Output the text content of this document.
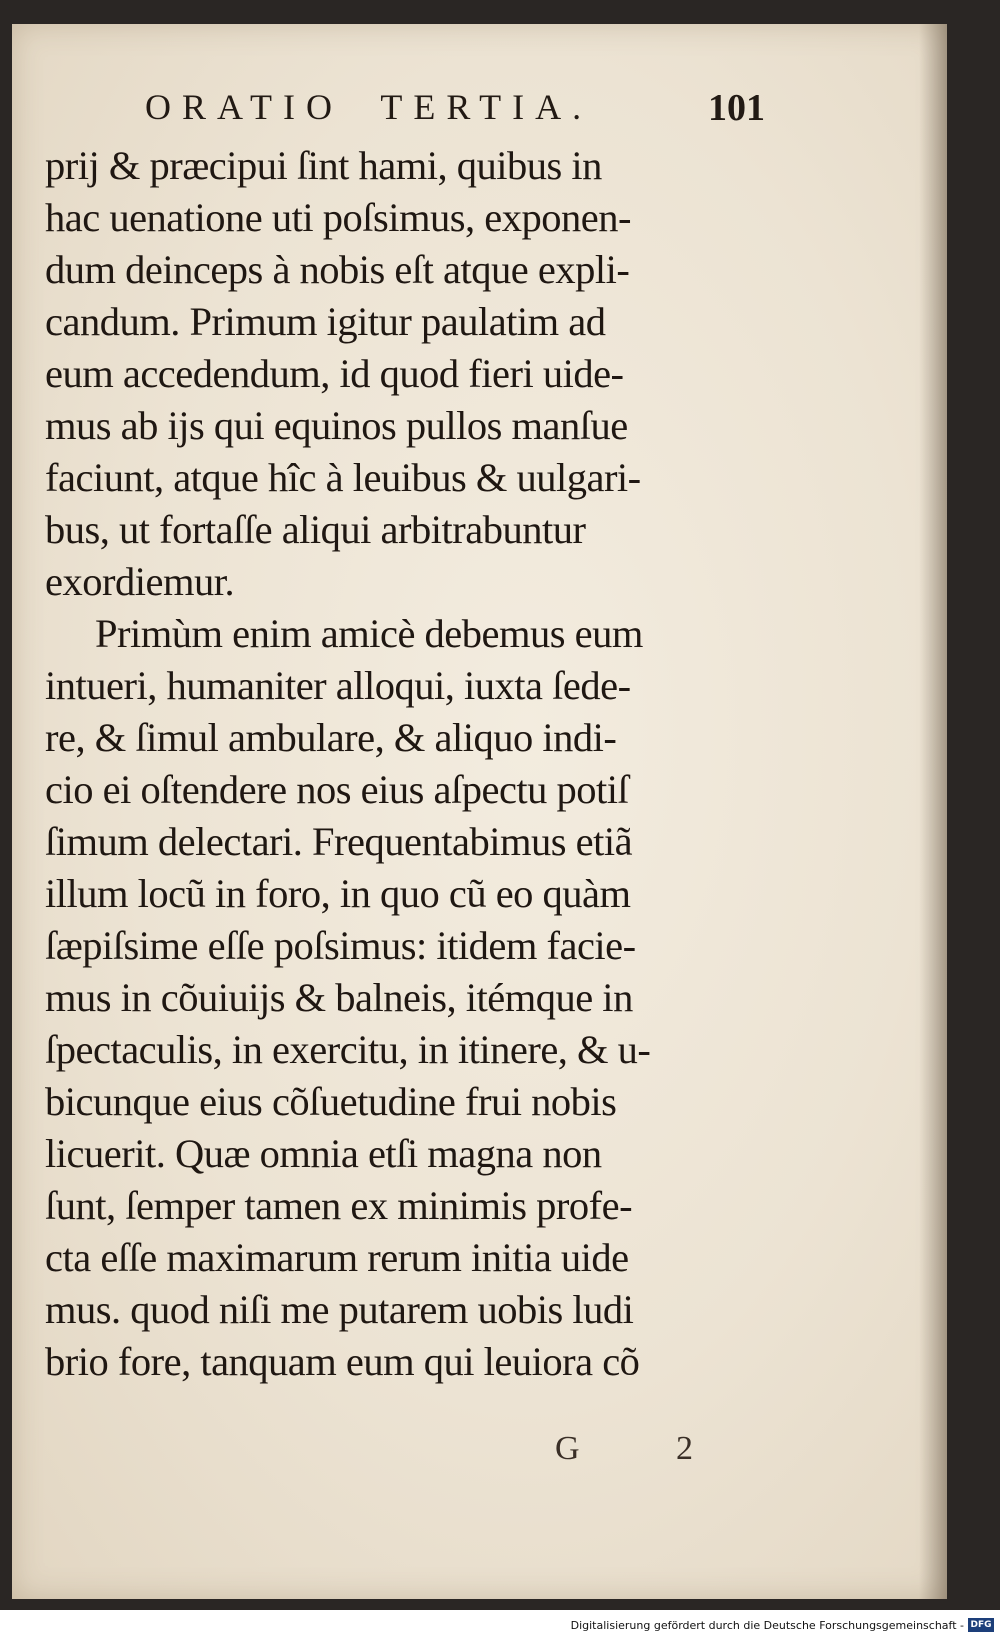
ORATIO TERTIA.	101
prij & præcipui ſint hami, quibus in
hac uenatione uti poſsimus, exponen-
dum deinceps à nobis eſt atque expli-
candum. Primum igitur paulatim ad
eum accedendum, id quod fieri uide-
mus ab ijs qui equinos pullos manſue
faciunt, atque hîc à leuibus & uulgari-
bus, ut fortaſſe aliqui arbitrabuntur
exordiemur.
Primùm enim amicè debemus eum
intueri, humaniter alloqui, iuxta ſede-
re, & ſimul ambulare, & aliquo indi-
cio ei oſtendere nos eius aſpectu potiſ
ſimum delectari. Frequentabimus etiã
illum locũ in foro, in quo cũ eo quàm
ſæpiſsime eſſe poſsimus: itidem facie-
mus in cõuiuijs & balneis, itémque in
ſpectaculis, in exercitu, in itinere, & u-
bicunque eius cõſuetudine frui nobis
licuerit. Quæ omnia etſi magna non
ſunt, ſemper tamen ex minimis profe-
cta eſſe maximarum rerum initia uide
mus. quod niſi me putarem uobis ludi
brio fore, tanquam eum qui leuiora cõ
G 2
Digitalisierung gefördert durch die Deutsche Forschungsgemeinschaft - DFG
